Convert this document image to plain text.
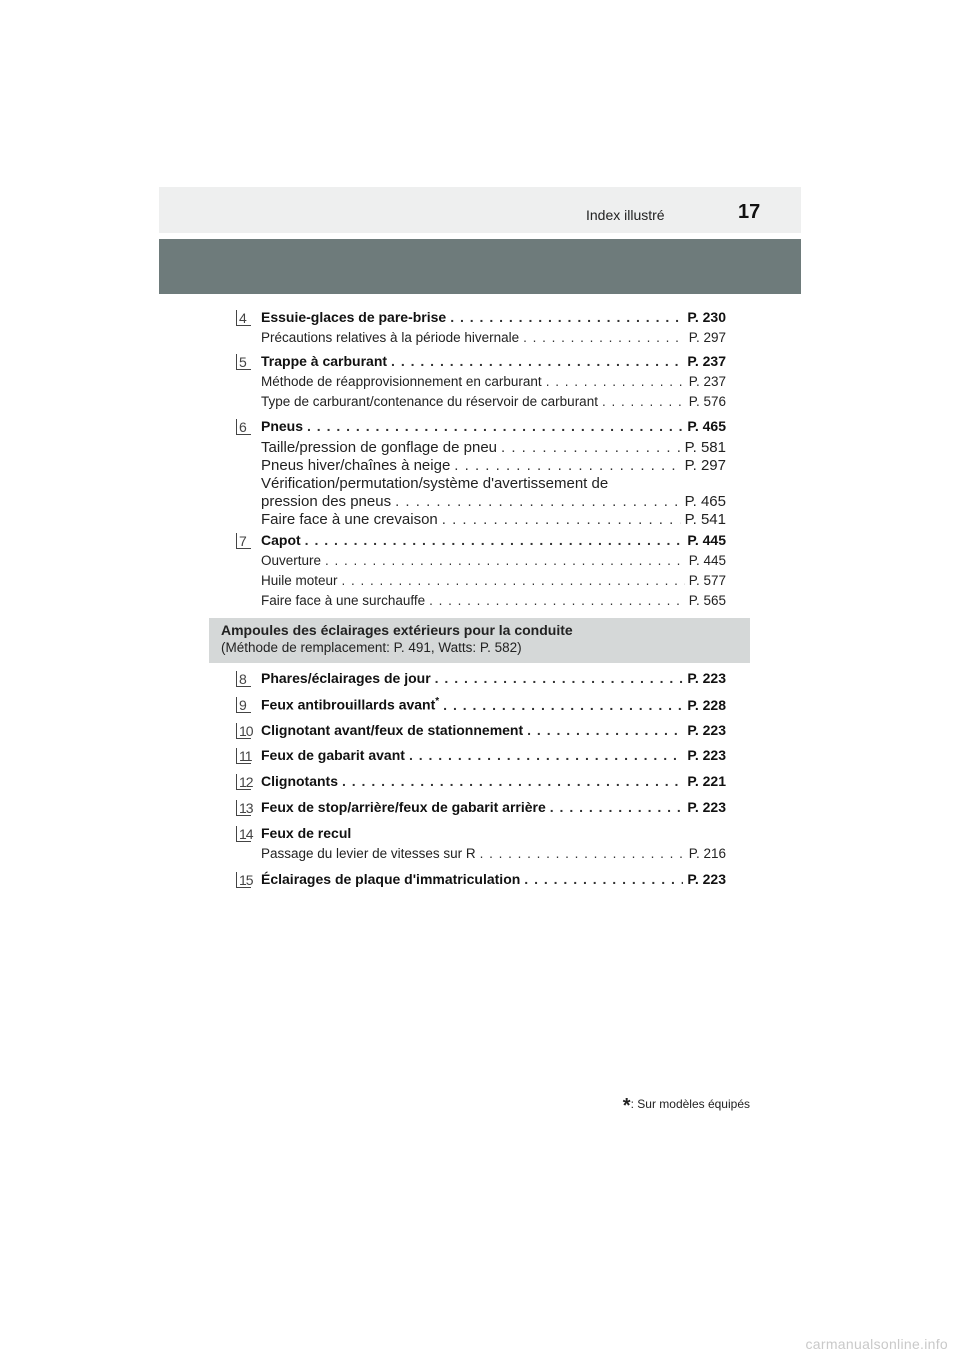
Index illustré	17
4	Essuie-glaces de pare-brise . . .	P. 230
Précautions relatives à la période hivernale . . .	P. 297
5	Trappe à carburant . . .	P. 237
Méthode de réapprovisionnement en carburant . . .	P. 237
Type de carburant/contenance du réservoir de carburant . . .	P. 576
6	Pneus . . .	P. 465
Taille/pression de gonflage de pneu . . .	P. 581
Pneus hiver/chaînes à neige . . .	P. 297
Vérification/permutation/système d'avertissement de
pression des pneus . . .	P. 465
Faire face à une crevaison . . .	P. 541
7	Capot . . .	P. 445
Ouverture . . .	P. 445
Huile moteur . . .	P. 577
Faire face à une surchauffe . . .	P. 565
8	Phares/éclairages de jour . . .	P. 223
9	Feux antibrouillards avant* . . .	P. 228
10 Clignotant avant/feux de stationnement . . .	P. 223
11 Feux de gabarit avant . . .	P. 223
12 Clignotants . . .	P. 221
13 Feux de stop/arrière/feux de gabarit arrière . . .	P. 223
14 Feux de recul
Passage du levier de vitesses sur R . . .	P. 216
15 Éclairages de plaque d'immatriculation . . .	P. 223
Ampoules des éclairages extérieurs pour la conduite
(Méthode de remplacement: P. 491, Watts: P. 582)
*: Sur modèles équipés
carmanualsonline.info
